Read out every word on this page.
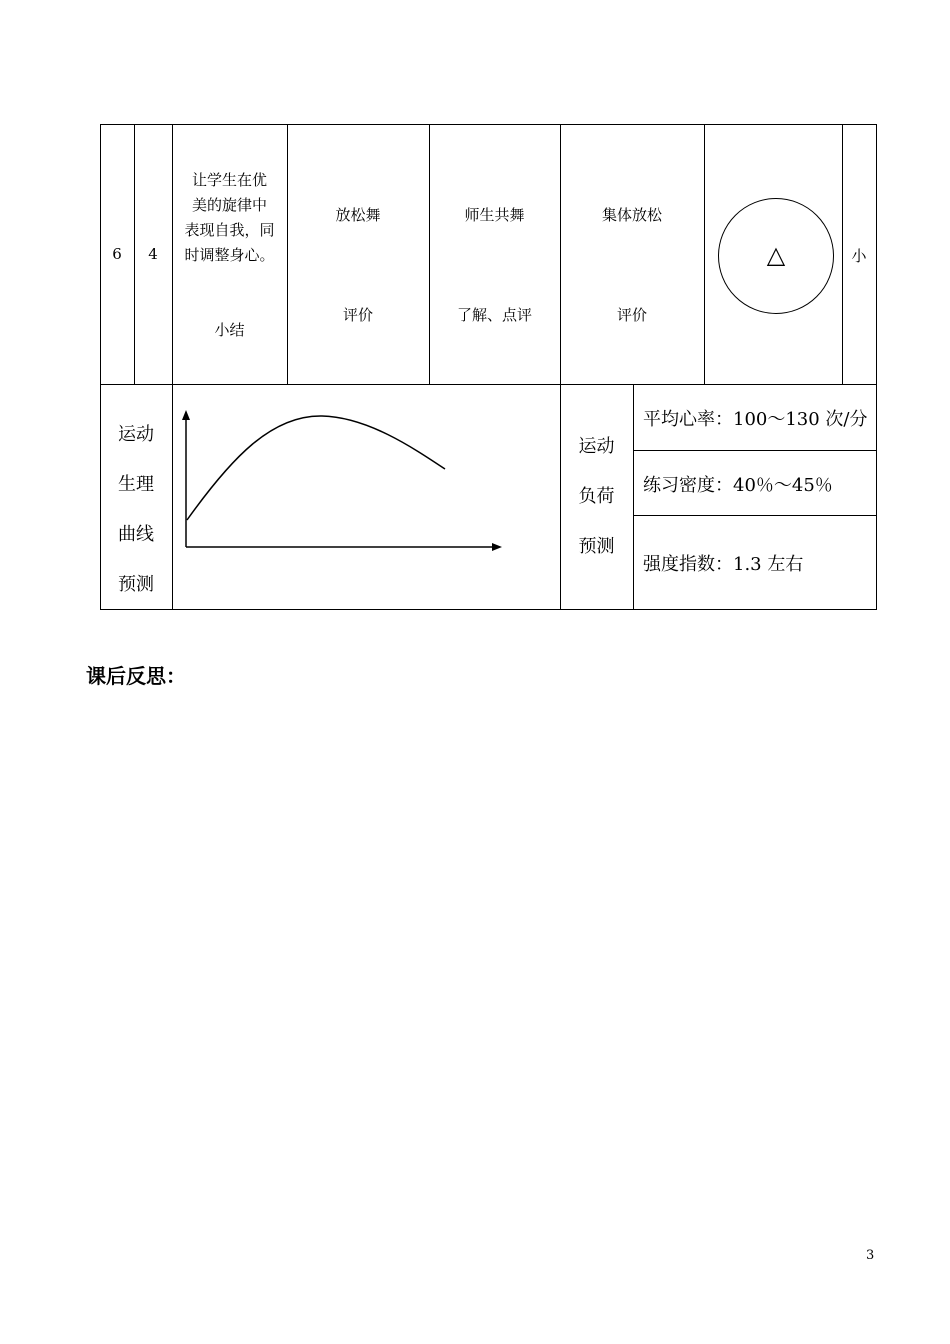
6	4
让学生在优
美的旋律中
表现自我，同
时调整身心。
小结
放松舞
评价
师生共舞
了解、点评
集体放松
评价
△	小
运动
生理
曲线
预测
运动
负荷
预测
平均心率：100～130 次/分
练习密度：40％～45％
强度指数：1.3 左右
课后反思：
3
